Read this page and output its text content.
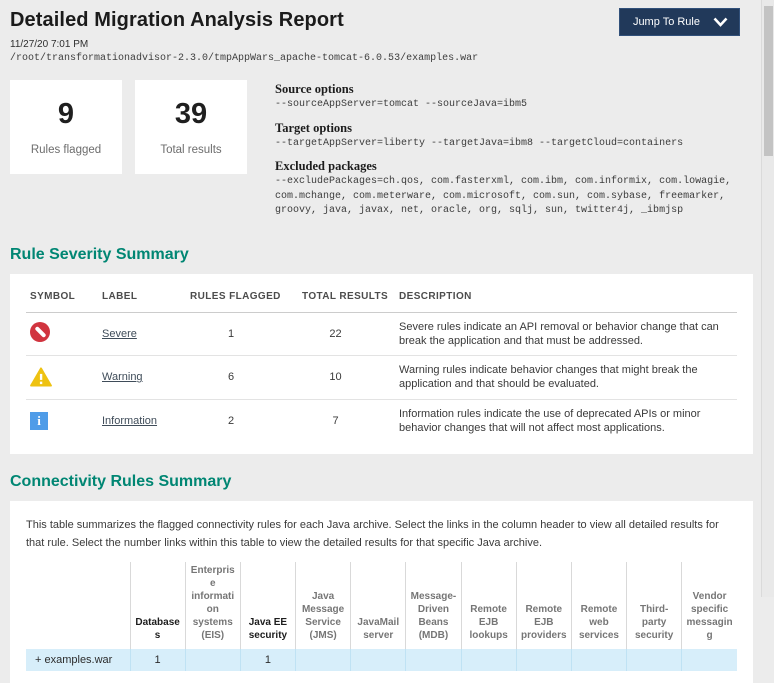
Detailed Migration Analysis Report	Jump To Rule
11/27/20 7:01 PM
/root/transformationadvisor-2.3.0/tmpAppWars_apache-tomcat-6.0.53/examples.war
9
Rules flagged
39
Total results
Source options
--sourceAppServer=tomcat --sourceJava=ibm5
Target options
--targetAppServer=liberty --targetJava=ibm8 --targetCloud=containers
Excluded packages
--excludePackages=ch.qos, com.fasterxml, com.ibm, com.informix, com.lowagie, com.mchange, com.meterware, com.microsoft, com.sun, com.sybase, freemarker, groovy, java, javax, net, oracle, org, sqlj, sun, twitter4j, _ibmjsp
Rule Severity Summary
SYMBOL	LABEL	RULES FLAGGED	TOTAL RESULTS	DESCRIPTION
	Severe	1	22	Severe rules indicate an API removal or behavior change that can break the application and that must be addressed.

	Warning	6	10	Warning rules indicate behavior changes that might break the application and that should be evaluated.
i	Information	2	7	Information rules indicate the use of deprecated APIs or minor behavior changes that will not affect most applications.
Connectivity Rules Summary

This table summarizes the flagged connectivity rules for each Java archive. Select the links in the column header to view all detailed results for that rule. Select the number links within this table to view the detailed results for that specific Java archive.

	Databases	Enterprise information systems (EIS)	Java EE security	Java Message Service (JMS)	JavaMail server	Message-Driven Beans (MDB)	Remote EJB lookups	Remote EJB providers	Remote web services	Third-party security	Vendor specific messaging
+ examples.war	1		1								
